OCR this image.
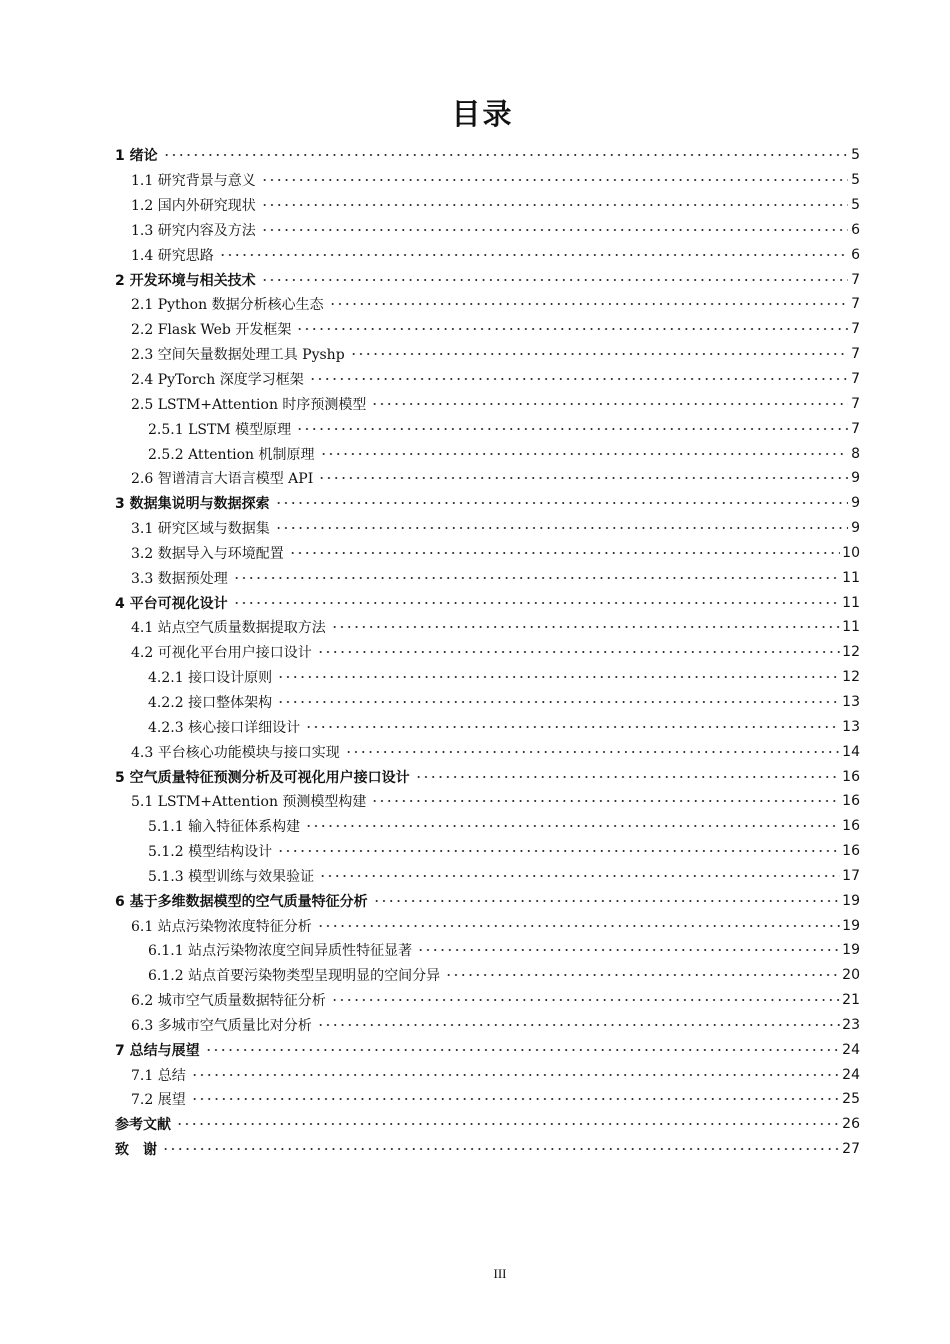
目录
1 绪论	5
1.1 研究背景与意义	5
1.2 国内外研究现状	5
1.3 研究内容及方法	6
1.4 研究思路	6
2 开发环境与相关技术	7
2.1 Python 数据分析核心生态	7
2.2 Flask Web 开发框架	7
2.3 空间矢量数据处理工具 Pyshp	7
2.4 PyTorch 深度学习框架	7
2.5 LSTM+Attention 时序预测模型	7
2.5.1 LSTM 模型原理	7
2.5.2 Attention 机制原理	8
2.6 智谱清言大语言模型 API	9
3 数据集说明与数据探索	9
3.1 研究区域与数据集	9
3.2 数据导入与环境配置	10
3.3 数据预处理	11
4 平台可视化设计	11
4.1 站点空气质量数据提取方法	11
4.2 可视化平台用户接口设计	12
4.2.1 接口设计原则	12
4.2.2 接口整体架构	13
4.2.3 核心接口详细设计	13
4.3 平台核心功能模块与接口实现	14
5 空气质量特征预测分析及可视化用户接口设计	16
5.1 LSTM+Attention 预测模型构建	16
5.1.1 输入特征体系构建	16
5.1.2 模型结构设计	16
5.1.3 模型训练与效果验证	17
6 基于多维数据模型的空气质量特征分析	19
6.1 站点污染物浓度特征分析	19
6.1.1 站点污染物浓度空间异质性特征显著	19
6.1.2 站点首要污染物类型呈现明显的空间分异	20
6.2 城市空气质量数据特征分析	21
6.3 多城市空气质量比对分析	23
7 总结与展望	24
7.1 总结	24
7.2 展望	25
参考文献	26
致　谢	27
III
